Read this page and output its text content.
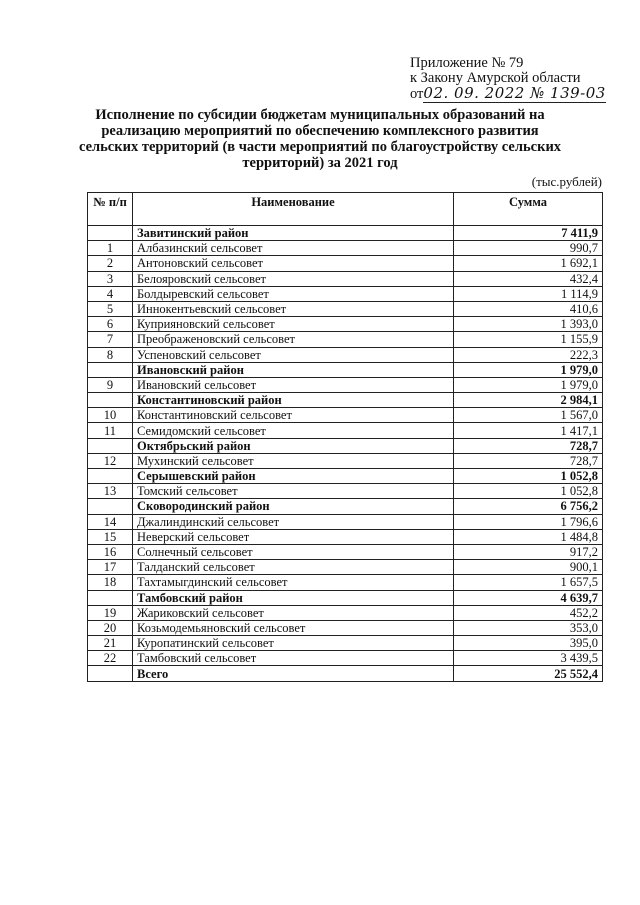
Приложение № 79
к Закону Амурской области
от02. 09. 2022 № 139-03
Исполнение по субсидии бюджетам муниципальных образований на реализацию мероприятий по обеспечению комплексного развития сельских территорий (в части мероприятий по благоустройству сельских территорий) за 2021 год
(тыс.рублей)
№ п/п	Наименование	Сумма
	Завитинский район	7 411,9
1	Албазинский сельсовет	990,7
2	Антоновский сельсовет	1 692,1
3	Белояровский сельсовет	432,4
4	Болдыревский сельсовет	1 114,9
5	Иннокентьевский сельсовет	410,6
6	Куприяновский сельсовет	1 393,0
7	Преображеновский сельсовет	1 155,9
8	Успеновский сельсовет	222,3
	Ивановский район	1 979,0
9	Ивановский сельсовет	1 979,0
	Константиновский район	2 984,1
10	Константиновский сельсовет	1 567,0
11	Семидомский сельсовет	1 417,1
	Октябрьский район	728,7
12	Мухинский сельсовет	728,7
	Серышевский район	1 052,8
13	Томский сельсовет	1 052,8
	Сковородинский район	6 756,2
14	Джалиндинский сельсовет	1 796,6
15	Неверский сельсовет	1 484,8
16	Солнечный сельсовет	917,2
17	Талданский сельсовет	900,1
18	Тахтамыгдинский сельсовет	1 657,5
	Тамбовский район	4 639,7
19	Жариковский сельсовет	452,2
20	Козьмодемьяновский сельсовет	353,0
21	Куропатинский сельсовет	395,0
22	Тамбовский сельсовет	3 439,5
	Всего	25 552,4
